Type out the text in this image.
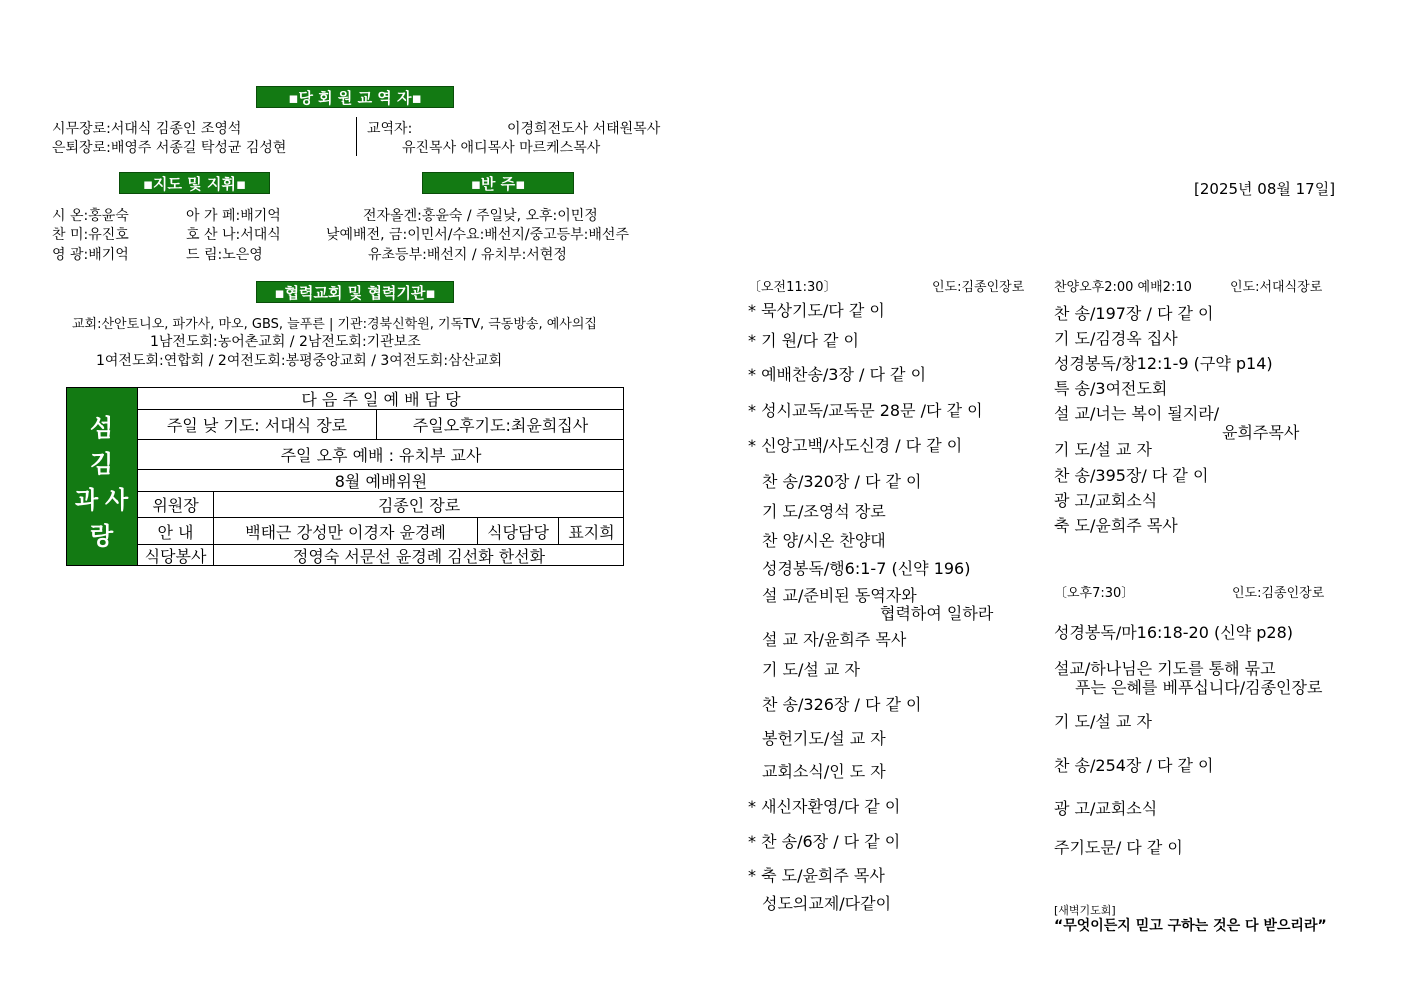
▪당 회 원 교 역 자▪
시무장로:서대식 김종인 조영석
은퇴장로:배영주 서종길 탁성균 김성현
교역자:	이경희전도사 서태원목사
유진목사 애디목사 마르케스목사
▪지도 및 지휘▪	▪반 주▪
시 온:홍윤숙	아 가 페:배기억	전자올겐:홍윤숙 / 주일낮, 오후:이민정
찬 미:유진호	호 산 나:서대식	낮예배전, 금:이민서/수요:배선지/중고등부:배선주
영 광:배기억	드 림:노은영	유초등부:배선지 / 유치부:서현정
▪협력교회 및 협력기관▪
교회:산안토니오, 파가사, 마오, GBS, 늘푸른 | 기관:경북신학원, 기독TV, 극동방송, 예사의집
1남전도회:농어촌교회 / 2남전도회:기관보조
1여전도회:연합회 / 2여전도회:봉평중앙교회 / 3여전도회:삼산교회
섬
김
과 사
랑
다 음 주 일 예 배 담 당
주일 낮 기도: 서대식 장로	주일오후기도:최윤희집사
주일 오후 예배 : 유치부 교사
8월 예배위원
위원장	김종인 장로
안 내	백태근 강성만 이경자 윤경례	식당담당	표지희
식당봉사	정영숙 서문선 윤경례 김선화 한선화
[2025년 08월 17일]
〔오전11:30〕	인도:김종인장로
* 묵상기도/다 같 이
* 기 원/다 같 이
* 예배찬송/3장 / 다 같 이
* 성시교독/교독문 28문 /다 같 이
* 신앙고백/사도신경 / 다 같 이
찬 송/320장 / 다 같 이
기 도/조영석 장로
찬 양/시온 찬양대
성경봉독/행6:1-7 (신약 196)
설 교/준비된 동역자와
협력하여 일하라
설 교 자/윤희주 목사
기 도/설 교 자
찬 송/326장 / 다 같 이
봉헌기도/설 교 자
교회소식/인 도 자
* 새신자환영/다 같 이
* 찬 송/6장 / 다 같 이
* 축 도/윤희주 목사
성도의교제/다같이
찬양오후2:00 예배2:10	인도:서대식장로
찬 송/197장 / 다 같 이
기 도/김경옥 집사
성경봉독/창12:1-9 (구약 p14)
특 송/3여전도회
설 교/너는 복이 될지라/
윤희주목사
기 도/설 교 자
찬 송/395장/ 다 같 이
광 고/교회소식
축 도/윤희주 목사
〔오후7:30〕	인도:김종인장로
성경봉독/마16:18-20 (신약 p28)
설교/하나님은 기도를 통해 묶고
푸는 은혜를 베푸십니다/김종인장로
기 도/설 교 자
찬 송/254장 / 다 같 이
광 고/교회소식
주기도문/ 다 같 이
[새벽기도회]
“무엇이든지 믿고 구하는 것은 다 받으리라”
